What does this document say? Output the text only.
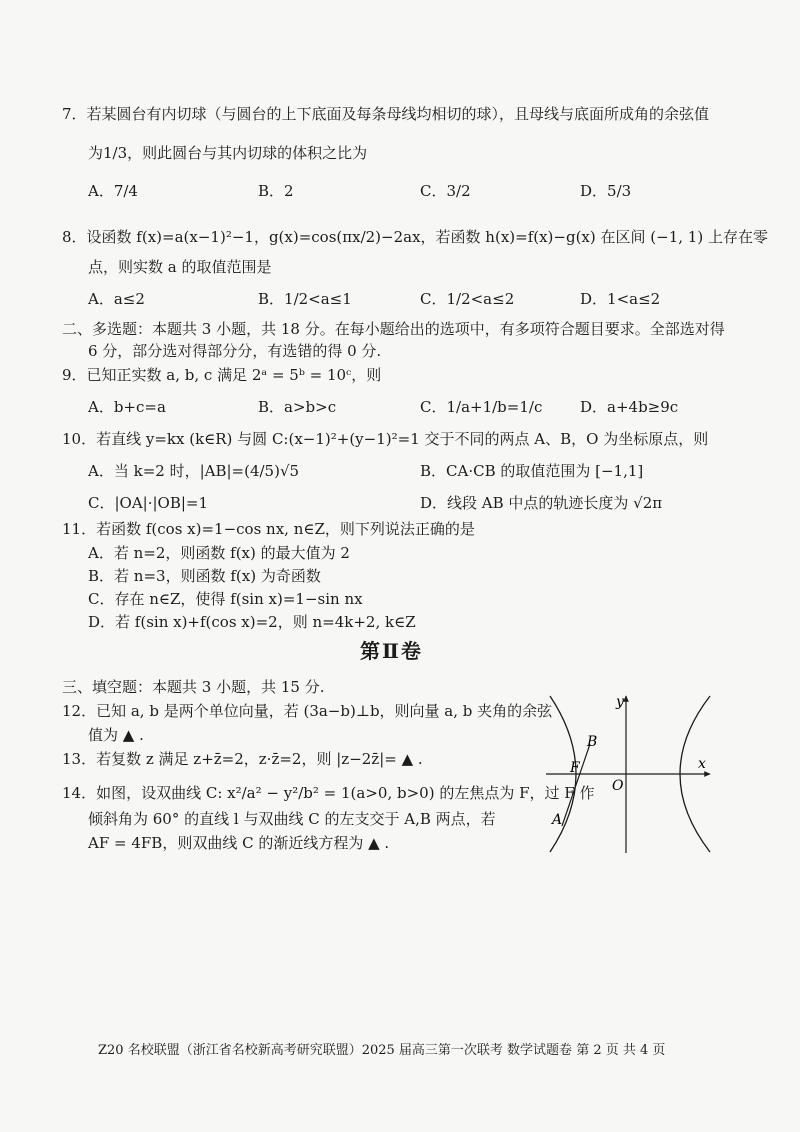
7．若某圆台有内切球（与圆台的上下底面及每条母线均相切的球），且母线与底面所成角的余弦值
为1/3，则此圆台与其内切球的体积之比为
A．7/4	B．2	C．3/2	D．5/3
8．设函数 f(x)=a(x−1)²−1，g(x)=cos(πx/2)−2ax，若函数 h(x)=f(x)−g(x) 在区间 (−1, 1) 上存在零
点，则实数 a 的取值范围是
A．a≤2	B．1/2<a≤1	C．1/2<a≤2	D．1<a≤2
二、多选题：本题共 3 小题，共 18 分。在每小题给出的选项中，有多项符合题目要求。全部选对得
6 分，部分选对得部分分，有选错的得 0 分.
9．已知正实数 a, b, c 满足 2ᵃ = 5ᵇ = 10ᶜ，则
A．b+c=a	B．a>b>c	C．1/a+1/b=1/c	D．a+4b≥9c
10．若直线 y=kx (k∈R) 与圆 C:(x−1)²+(y−1)²=1 交于不同的两点 A、B，O 为坐标原点，则
A．当 k=2 时，|AB|=(4/5)√5	B．CA·CB 的取值范围为 [−1,1]
C．|OA|·|OB|=1	D．线段 AB 中点的轨迹长度为 √2π
11．若函数 f(cos x)=1−cos nx, n∈Z，则下列说法正确的是
A．若 n=2，则函数 f(x) 的最大值为 2
B．若 n=3，则函数 f(x) 为奇函数
C．存在 n∈Z，使得 f(sin x)=1−sin nx
D．若 f(sin x)+f(cos x)=2，则 n=4k+2, k∈Z
第Ⅱ卷
三、填空题：本题共 3 小题，共 15 分.
12．已知 a, b 是两个单位向量，若 (3a−b)⊥b，则向量 a, b 夹角的余弦
值为 ▲ .
13．若复数 z 满足 z+z̄=2，z·z̄=2，则 |z−2z̄|= ▲ .
14．如图，设双曲线 C: x²/a² − y²/b² = 1(a>0, b>0) 的左焦点为 F，过 F 作
倾斜角为 60° 的直线 l 与双曲线 C 的左支交于 A,B 两点，若
AF = 4FB，则双曲线 C 的渐近线方程为 ▲ .
y
x
O
F
B
A
Z20 名校联盟（浙江省名校新高考研究联盟）2025 届高三第一次联考 数学试题卷 第 2 页 共 4 页
